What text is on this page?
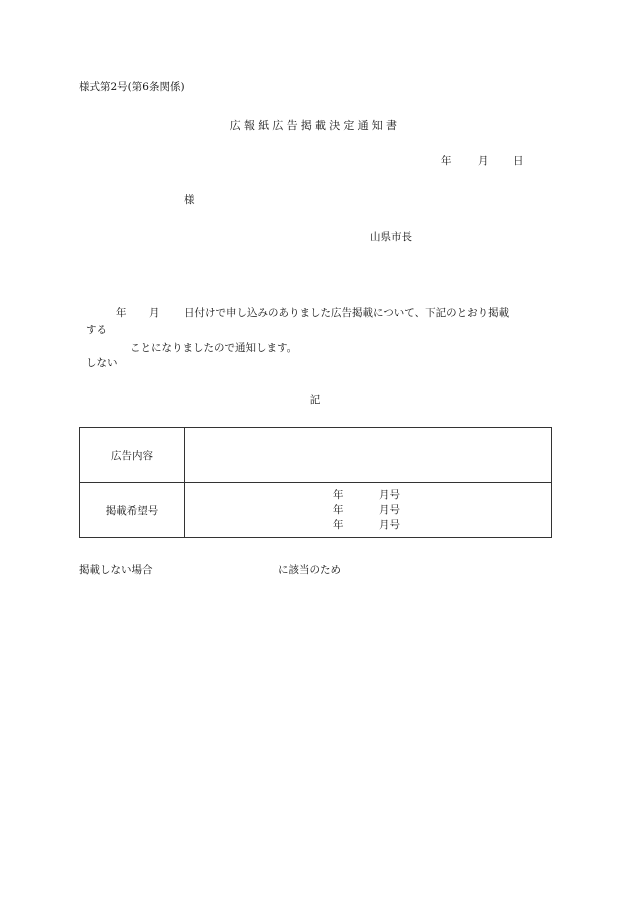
様式第2号(第6条関係)
広報紙広告掲載決定通知書
年	月 日
様
山県市長
年 月 日付けで申し込みのありました広告掲載について、下記のとおり掲載
する
ことになりましたので通知します。
しない
記
広告内容	
掲載希望号	年 月号
年 月号
年 月号
掲載しない場合	に該当のため
